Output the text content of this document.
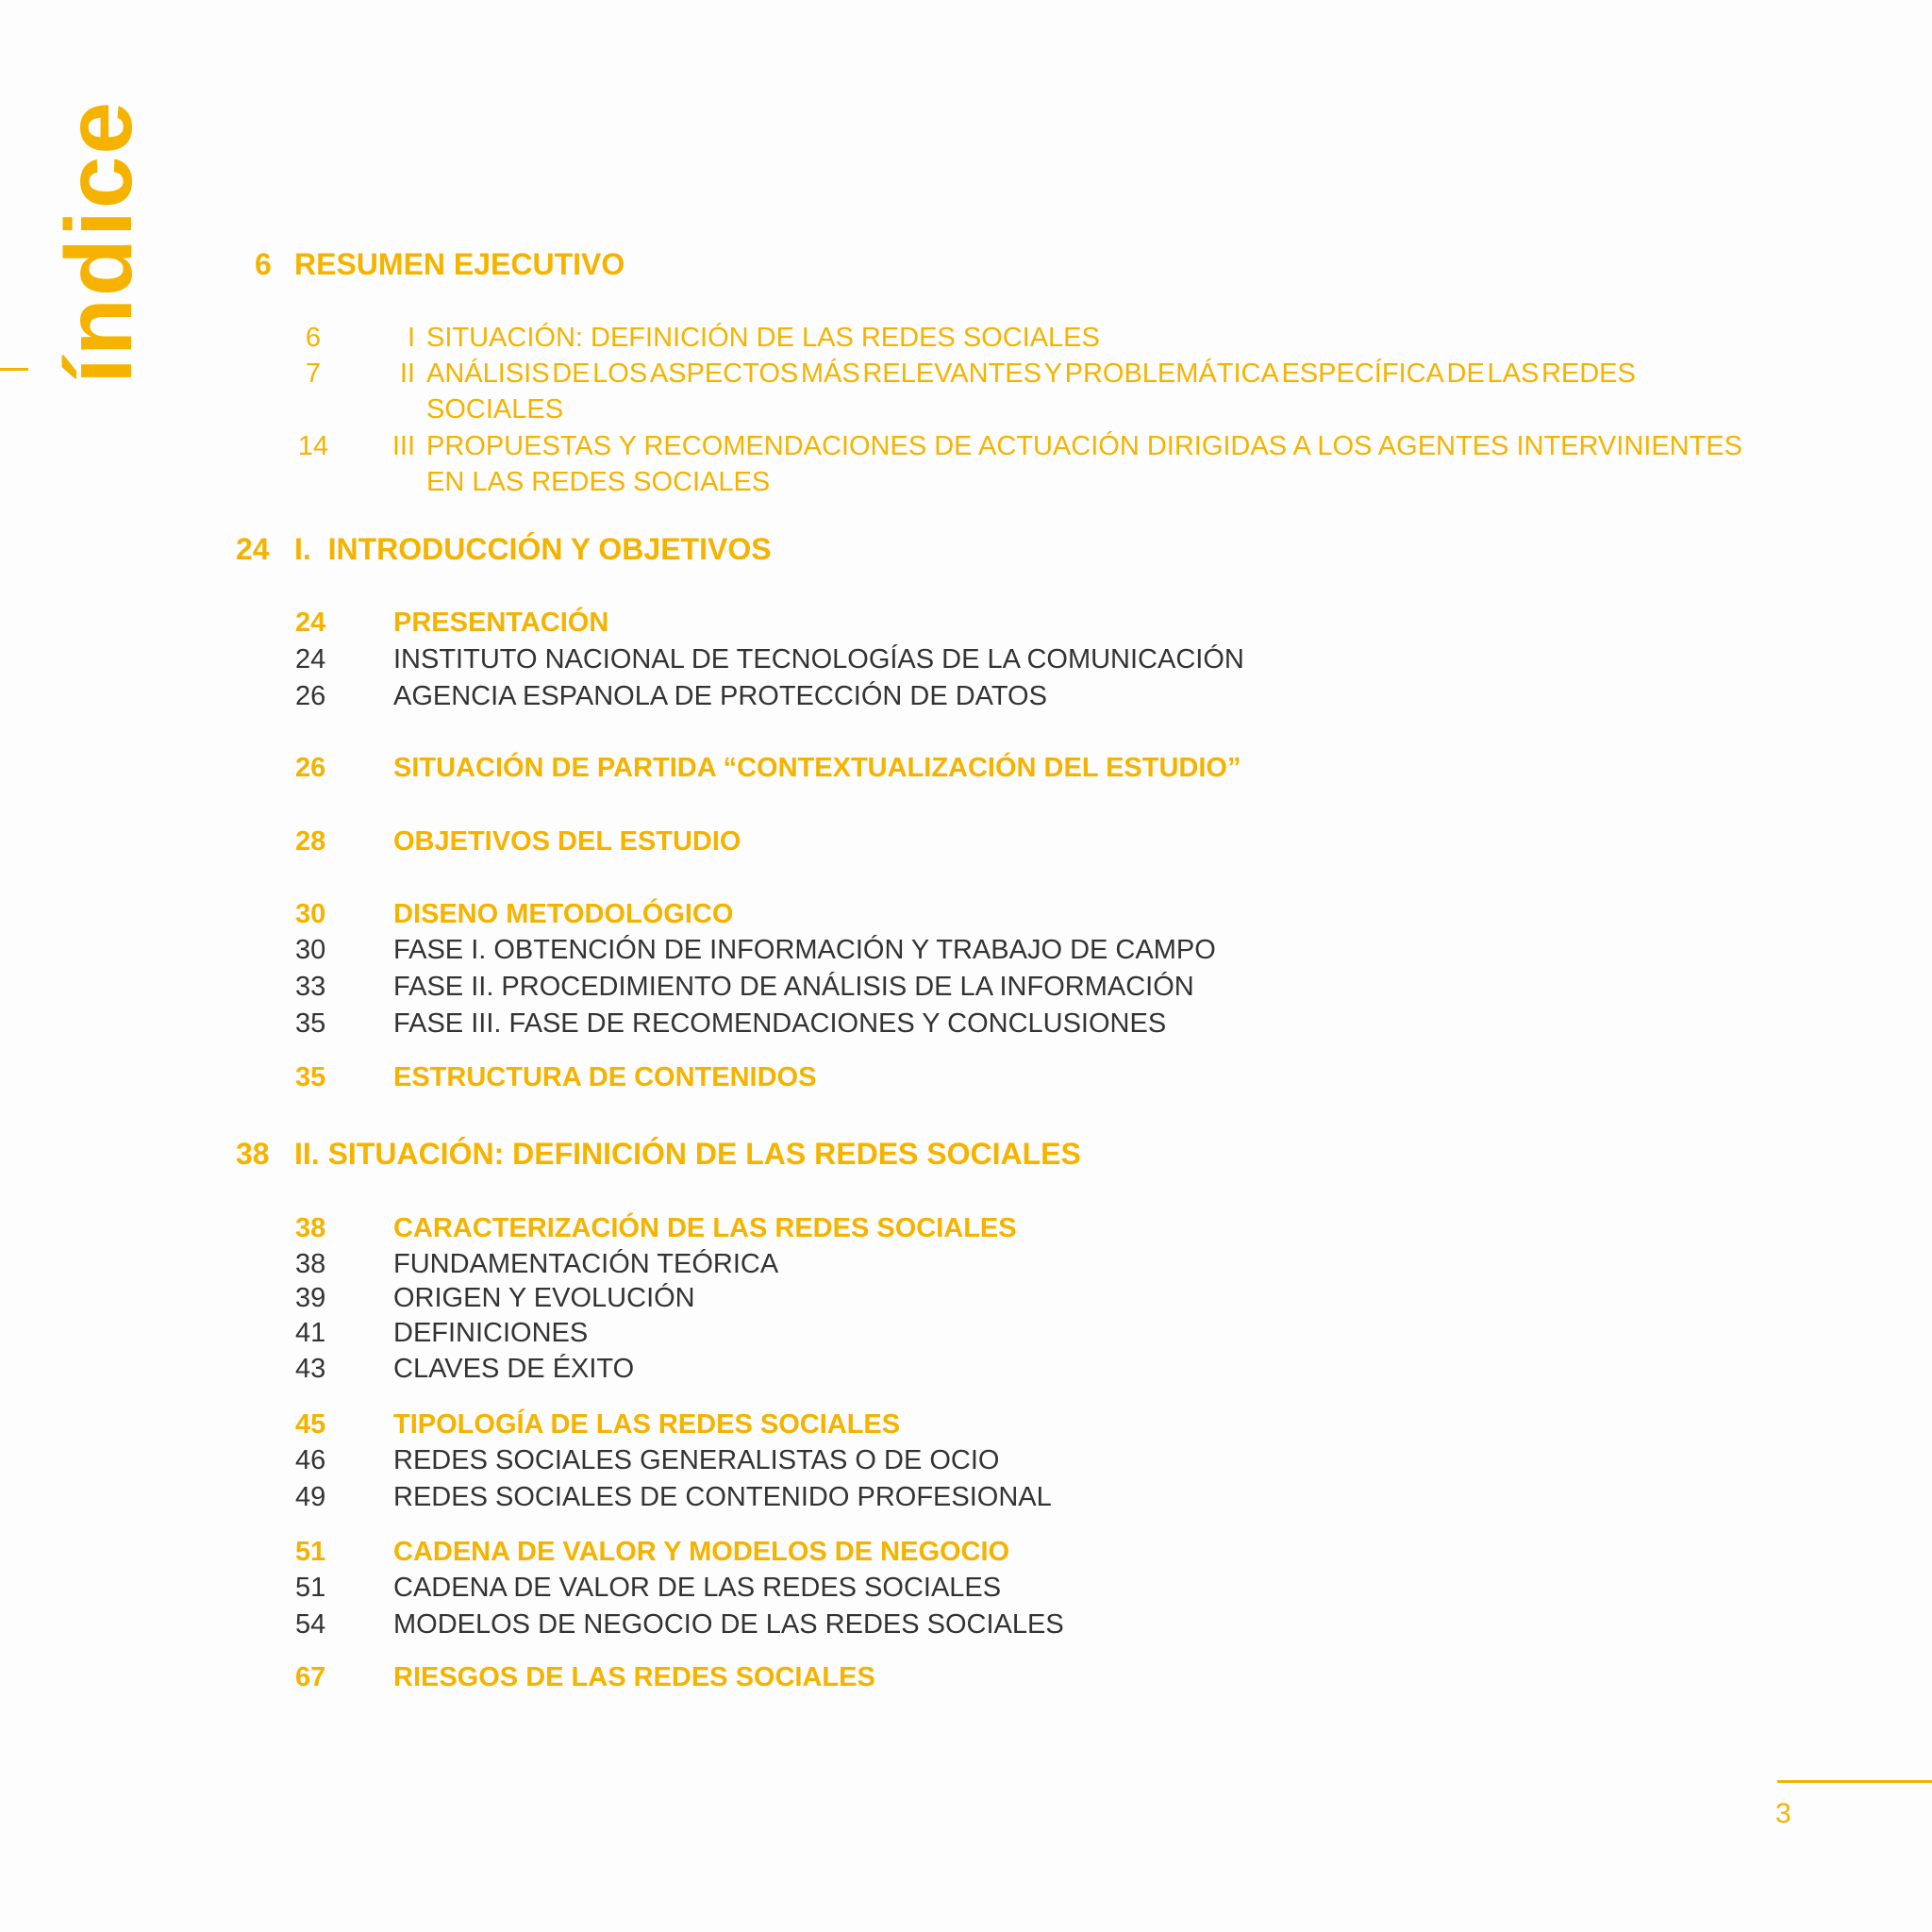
índice	6 RESUMEN EJECUTIVO
6	I SITUACIÓN: DEFINICIÓN DE LAS REDES SOCIALES
7	II ANÁLISIS DE LOS ASPECTOS MÁS RELEVANTES Y PROBLEMÁTICA ESPECÍFICA DE LAS REDES
SOCIALES
14 III PROPUESTAS Y RECOMENDACIONES DE ACTUACIÓN DIRIGIDAS A LOS AGENTES INTERVINIENTES
EN LAS REDES SOCIALES
24 I.  INTRODUCCIÓN Y OBJETIVOS
24 PRESENTACIÓN
24 INSTITUTO NACIONAL DE TECNOLOGÍAS DE LA COMUNICACIÓN
26 AGENCIA ESPANOLA DE PROTECCIÓN DE DATOS
26 SITUACIÓN DE PARTIDA “CONTEXTUALIZACIÓN DEL ESTUDIO”
28 OBJETIVOS DEL ESTUDIO
30 DISENO METODOLÓGICO
30 FASE I. OBTENCIÓN DE INFORMACIÓN Y TRABAJO DE CAMPO
33 FASE II. PROCEDIMIENTO DE ANÁLISIS DE LA INFORMACIÓN
35 FASE III. FASE DE RECOMENDACIONES Y CONCLUSIONES
35 ESTRUCTURA DE CONTENIDOS
38 II. SITUACIÓN: DEFINICIÓN DE LAS REDES SOCIALES
38 CARACTERIZACIÓN DE LAS REDES SOCIALES
38 FUNDAMENTACIÓN TEÓRICA
39 ORIGEN Y EVOLUCIÓN
41 DEFINICIONES
43 CLAVES DE ÉXITO
45 TIPOLOGÍA DE LAS REDES SOCIALES
46 REDES SOCIALES GENERALISTAS O DE OCIO
49 REDES SOCIALES DE CONTENIDO PROFESIONAL
51 CADENA DE VALOR Y MODELOS DE NEGOCIO
51 CADENA DE VALOR DE LAS REDES SOCIALES
54 MODELOS DE NEGOCIO DE LAS REDES SOCIALES
67 RIESGOS DE LAS REDES SOCIALES
3
